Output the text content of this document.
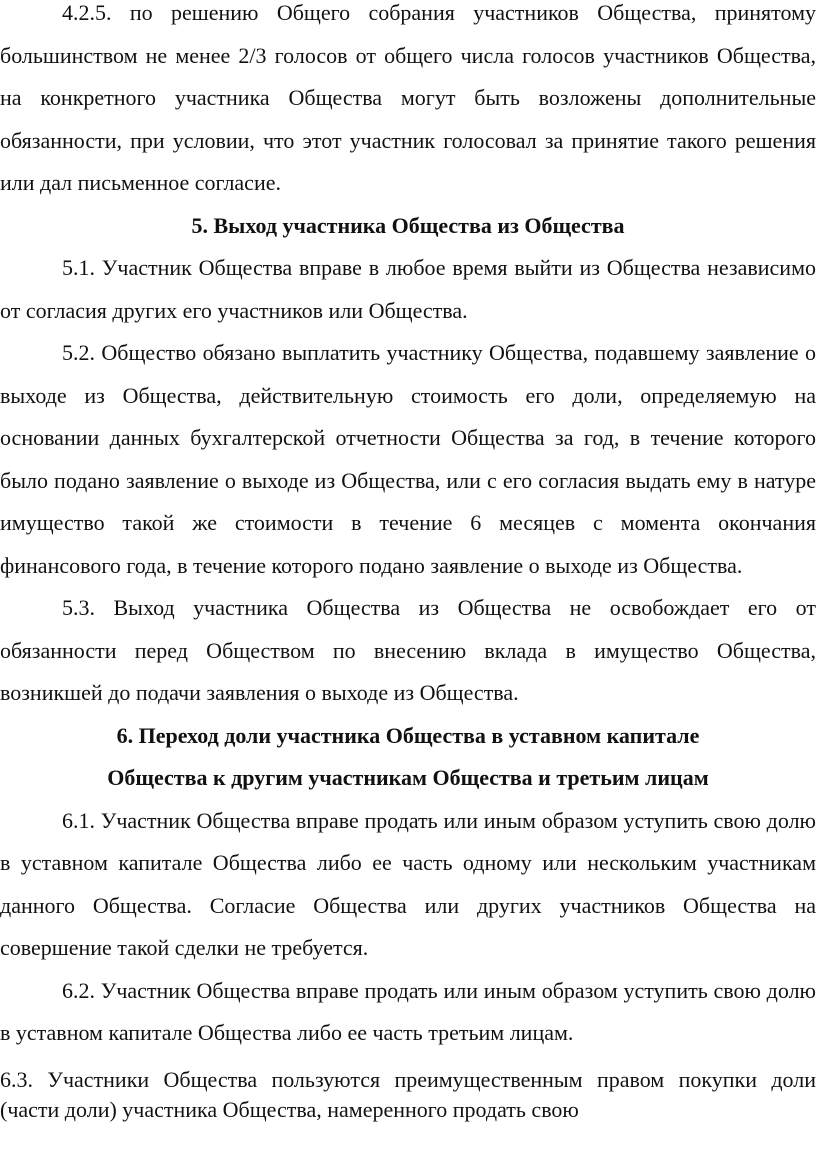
4.2.5. по решению Общего собрания участников Общества, принятому большинством не менее 2/3 голосов от общего числа голосов участников Общества, на конкретного участника Общества могут быть возложены дополнительные обязанности, при условии, что этот участник голосовал за принятие такого решения или дал письменное согласие.

5. Выход участника Общества из Общества

5.1. Участник Общества вправе в любое время выйти из Общества независимо от согласия других его участников или Общества.

5.2. Общество обязано выплатить участнику Общества, подавшему заявление о выходе из Общества, действительную стоимость его доли, определяемую на основании данных бухгалтерской отчетности Общества за год, в течение которого было подано заявление о выходе из Общества, или с его согласия выдать ему в натуре имущество такой же стоимости в течение 6 месяцев с момента окончания финансового года, в течение которого подано заявление о выходе из Общества.

5.3. Выход участника Общества из Общества не освобождает его от обязанности перед Обществом по внесению вклада в имущество Общества, возникшей до подачи заявления о выходе из Общества.

6. Переход доли участника Общества в уставном капитале

Общества к другим участникам Общества и третьим лицам

6.1. Участник Общества вправе продать или иным образом уступить свою долю в уставном капитале Общества либо ее часть одному или нескольким участникам данного Общества. Согласие Общества или других участников Общества на совершение такой сделки не требуется.

6.2. Участник Общества вправе продать или иным образом уступить свою долю в уставном капитале Общества либо ее часть третьим лицам.

6.3. Участники Общества пользуются преимущественным правом покупки доли (части доли) участника Общества, намеренного продать свою
